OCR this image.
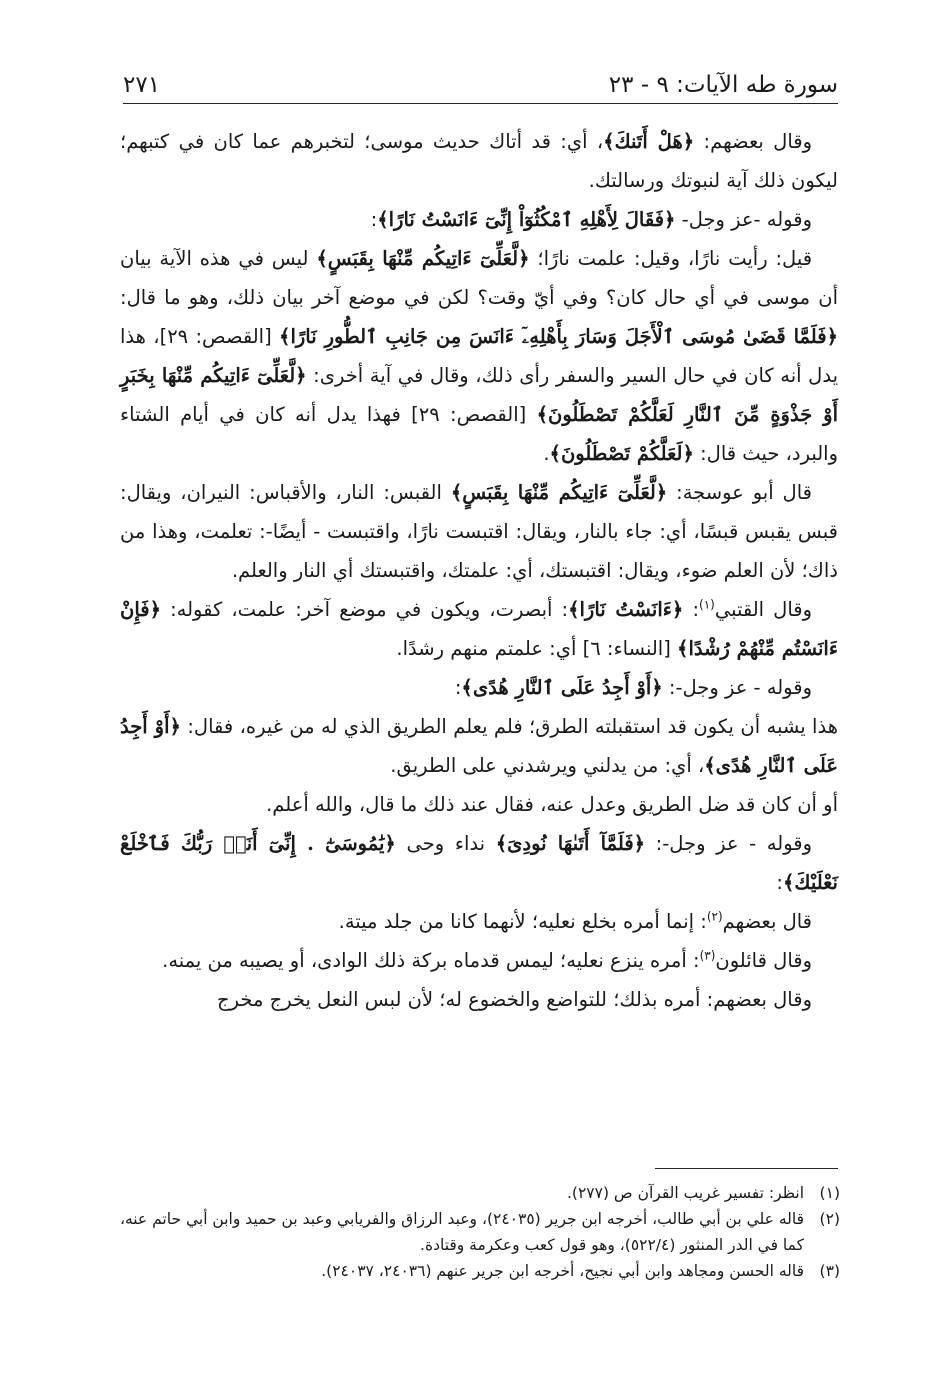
سورة طه الآيات: ٩ - ٢٣
٢٧١

وقال بعضهم: ﴿هَلْ أَتَنكَ﴾، أي: قد أتاك حديث موسى؛ لتخبرهم عما كان في كتبهم؛ ليكون ذلك آية لنبوتك ورسالتك.

وقوله -عز وجل- ﴿فَقَالَ لِأَهْلِهِ ٱمْكُثُوٓاْ إِنِّىٓ ءَانَسْتُ نَارًا﴾:

قيل: رأيت نارًا، وقيل: علمت نارًا؛ ﴿لَّعَلِّىٓ ءَاتِيكُم مِّنْهَا بِقَبَسٍ﴾ ليس في هذه الآية بيان أن موسى في أي حال كان؟ وفي أيّ وقت؟ لكن في موضع آخر بيان ذلك، وهو ما قال: ﴿فَلَمَّا قَضَىٰ مُوسَى ٱلْأَجَلَ وَسَارَ بِأَهْلِهِۦٓ ءَانَسَ مِن جَانِبِ ٱلطُّورِ نَارًا﴾ [القصص: ٢٩]، هذا يدل أنه كان في حال السير والسفر رأى ذلك، وقال في آية أخرى: ﴿لَّعَلِّىٓ ءَاتِيكُم مِّنْهَا بِخَبَرٍ أَوْ جَذْوَةٍ مِّنَ ٱلنَّارِ لَعَلَّكُمْ تَصْطَلُونَ﴾ [القصص: ٢٩] فهذا يدل أنه كان في أيام الشتاء والبرد، حيث قال: ﴿لَعَلَّكُمْ تَصْطَلُونَ﴾.

قال أبو عوسجة: ﴿لَّعَلِّىٓ ءَاتِيكُم مِّنْهَا بِقَبَسٍ﴾ القبس: النار، والأقباس: النيران، ويقال: قبس يقبس قبسًا، أي: جاء بالنار، ويقال: اقتبست نارًا، واقتبست - أيضًا-: تعلمت، وهذا من ذاك؛ لأن العلم ضوء، ويقال: اقتبستك، أي: علمتك، واقتبستك أي النار والعلم.

وقال القتبي$^{(١)}$: ﴿ءَانَسْتُ نَارًا﴾: أبصرت، ويكون في موضع آخر: علمت، كقوله: ﴿فَإِنْ ءَانَسْتُم مِّنْهُمْ رُشْدًا﴾ [النساء: ٦] أي: علمتم منهم رشدًا.

وقوله - عز وجل-: ﴿أَوْ أَجِدُ عَلَى ٱلنَّارِ هُدًى﴾:

هذا يشبه أن يكون قد استقبلته الطرق؛ فلم يعلم الطريق الذي له من غيره، فقال: ﴿أَوْ أَجِدُ عَلَى ٱلنَّارِ هُدًى﴾، أي: من يدلني ويرشدني على الطريق.

أو أن كان قد ضل الطريق وعدل عنه، فقال عند ذلك ما قال، والله أعلم.

وقوله - عز وجل-: ﴿فَلَمَّآ أَتَىٰهَا نُودِىَ﴾ نداء وحى ﴿يَٰمُوسَىٰٓ . إِنِّىٓ أَنَا۠ رَبُّكَ فَٱخْلَعْ نَعْلَيْكَ﴾:

قال بعضهم$^{(٢)}$: إنما أمره بخلع نعليه؛ لأنهما كانا من جلد ميتة.

وقال قائلون$^{(٣)}$: أمره ينزع نعليه؛ ليمس قدماه بركة ذلك الوادى، أو يصيبه من يمنه.

وقال بعضهم: أمره بذلك؛ للتواضع والخضوع له؛ لأن لبس النعل يخرج مخرج

(١)
انظر: تفسير غريب القرآن ص (٢٧٧).
(٢)
قاله علي بن أبي طالب، أخرجه ابن جرير (٢٤٠٣٥)، وعبد الرزاق والفريابي وعبد بن حميد وابن أبي حاتم عنه، كما في الدر المنثور (٥٢٢/٤)، وهو قول كعب وعكرمة وقتادة.
(٣)
قاله الحسن ومجاهد وابن أبي نجيح، أخرجه ابن جرير عنهم (٢٤٠٣٦، ٢٤٠٣٧).
